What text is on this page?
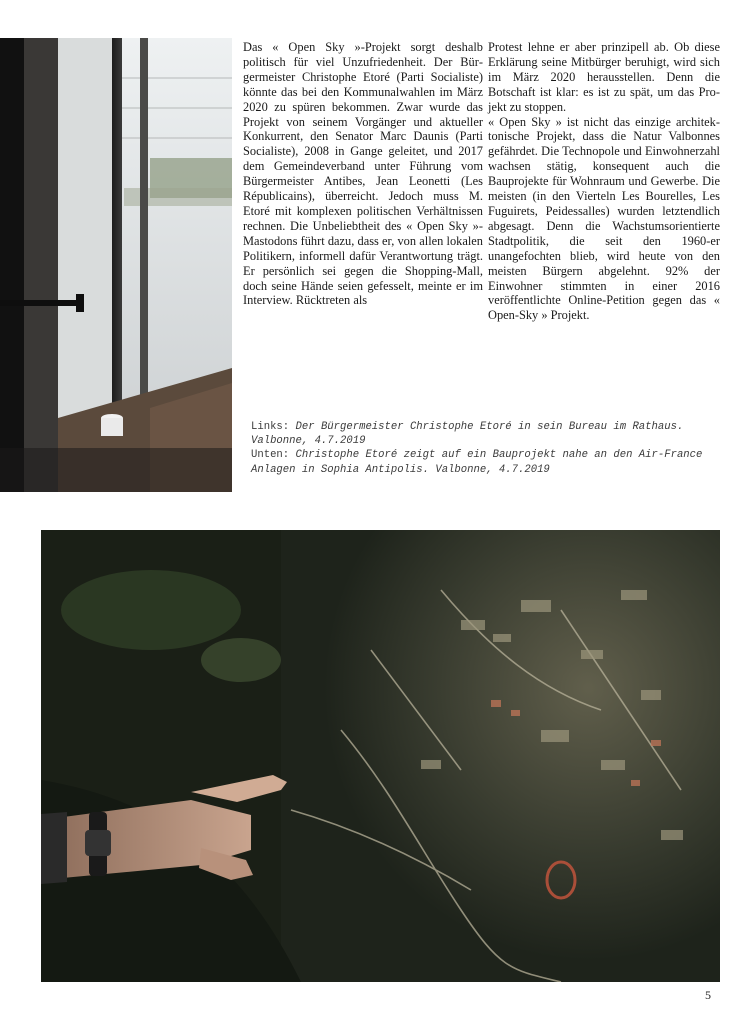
Das « Open Sky »-Projekt sorgt deshalb politisch für viel Unzufriedenheit. Der Bürgermeister Christophe Etoré (Parti Socialiste) könnte das bei den Kommunalwahlen im März 2020 zu spüren bekommen. Zwar wurde das Projekt von seinem Vorgänger und aktueller Konkurrent, den Senator Marc Daunis (Parti Socialiste), 2008 in Gange geleitet, und 2017 dem Gemeindeverband unter Führung vom Bürgermeister Antibes, Jean Leonetti (Les Républicains), überreicht. Jedoch muss M. Etoré mit komplexen politischen Verhältnissen rechnen. Die Unbeliebtheit des « Open Sky »-Mastodons führt dazu, dass er, von allen lokalen Politikern, informell dafür Verantwortung trägt. Er persönlich sei gegen die Shopping-Mall, doch seine Hände seien gefesselt, meinte er im Interview. Rücktreten als

Protest lehne er aber prinzipell ab. Ob diese Erklärung seine Mitbürger beruhigt, wird sich im März 2020 herausstellen. Denn die Botschaft ist klar: es ist zu spät, um das Projekt zu stoppen.

« Open Sky » ist nicht das einzige architektonische Projekt, dass die Natur Valbonnes gefährdet. Die Technopole und Einwohnerzahl wachsen stätig, konsequent auch die Bauprojekte für Wohnraum und Gewerbe. Die meisten (in den Vierteln Les Bourelles, Les Fuguirets, Peidessalles) wurden letztendlich abgesagt. Denn die Wachstumsorientierte Stadtpolitik, die seit den 1960-er unangefochten blieb, wird heute von den meisten Bürgern abgelehnt. 92% der Einwohner stimmten in einer 2016 veröffentlichte Online-Petition gegen das « Open-Sky » Projekt.

Links: Der Bürgermeister Christophe Etoré in sein Bureau im Rathaus. Valbonne, 4.7.2019

Unten: Christophe Etoré zeigt auf ein Bauprojekt nahe an den Air-France Anlagen in Sophia Antipolis. Valbonne, 4.7.2019

5
